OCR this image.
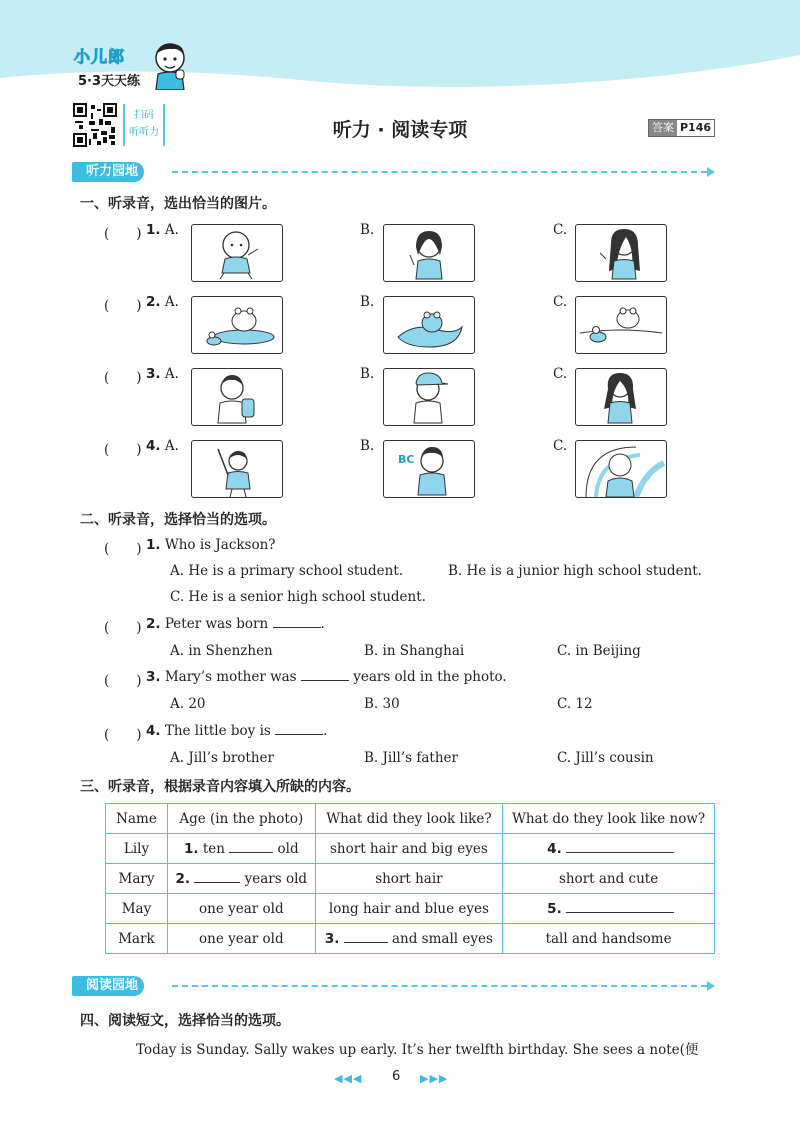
小儿郎
5·3天天练
扫码
听听力	听力 · 阅读专项	答案 P146
听力园地
一、听录音，选出恰当的图片。
(　　) 1. A.	B.	C.
(　　) 2. A.	B.	C.
(　　) 3. A.	B.	C.
(　　) 4. A.	B.
BC
C.
二、听录音，选择恰当的选项。
(　　) 1. Who is Jackson?
A. He is a primary school student.	B. He is a junior high school student.
C. He is a senior high school student.
(　　) 2. Peter was born	.
A. in Shenzhen	B. in Shanghai	C. in Beijing
(　　) 3. Mary’s mother was	years old in the photo.
A. 20	B. 30	C. 12
(　　) 4. The little boy is	.
A. Jill’s brother	B. Jill’s father	C. Jill’s cousin
三、听录音，根据录音内容填入所缺的内容。
Name	Age (in the photo)	What did they look like?	What do they look like now?
Lily	1. ten old	short hair and big eyes	4.
Mary	2. years old	short hair	short and cute
May	one year old	long hair and blue eyes	5.
Mark	one year old	3. and small eyes	tall and handsome
阅读园地
四、阅读短文，选择恰当的选项。
Today is Sunday. Sally wakes up early. It’s her twelfth birthday. She sees a note(便
◀◀◀ 6 ▶▶▶
